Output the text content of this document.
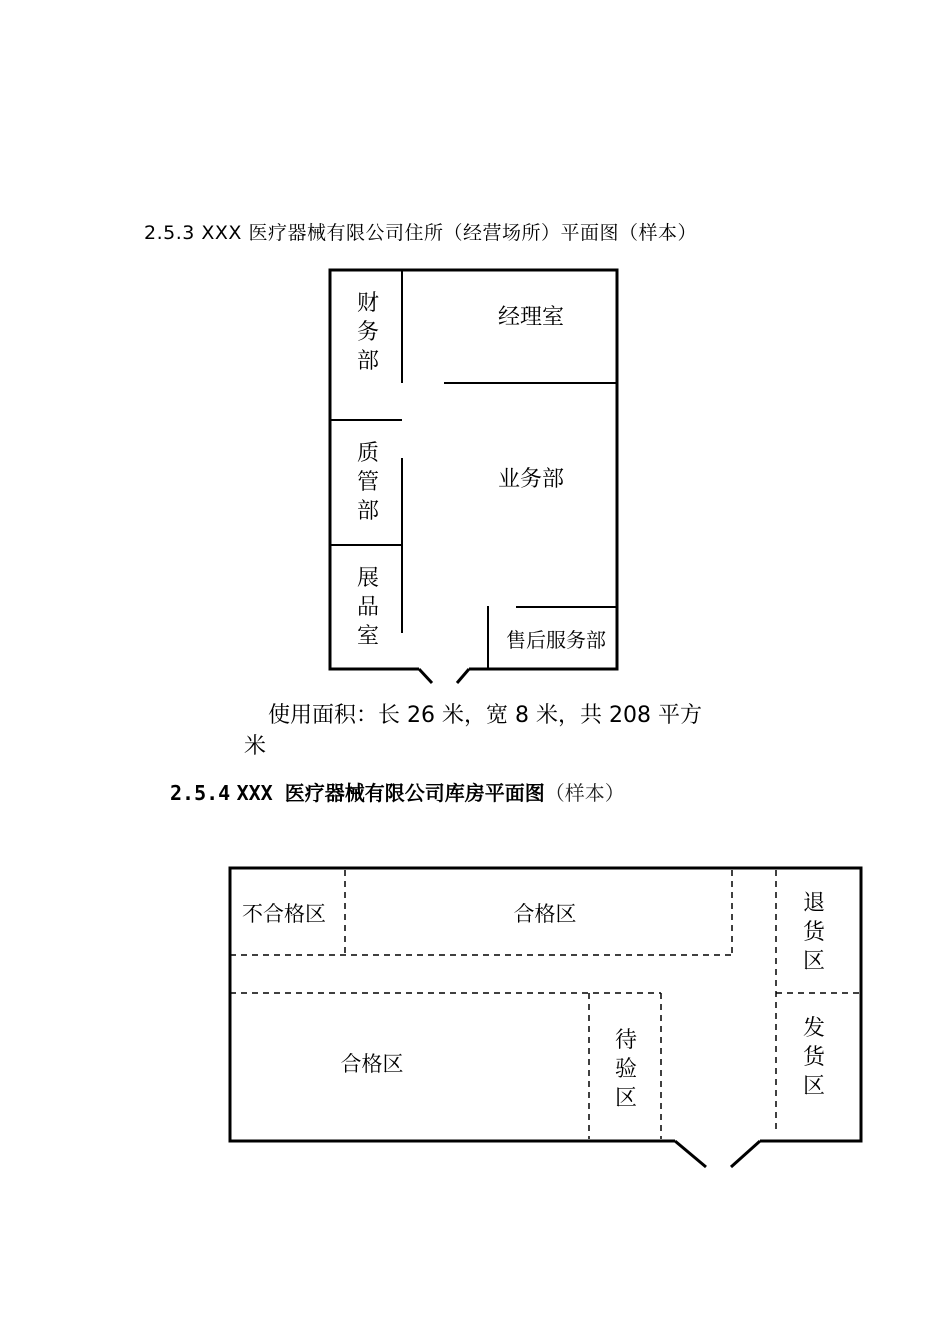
2.5.3 XXX 医疗器械有限公司住所（经营场所）平面图（样本）
财务部
质管部
展品室
经理室
业务部
售后服务部
不合格区	合格区
合格区
退货区
发货区
待验区
使用面积：长 26 米，宽 8 米，共 208 平方米
2.5.4 XXX 医疗器械有限公司库房平面图（样本）
